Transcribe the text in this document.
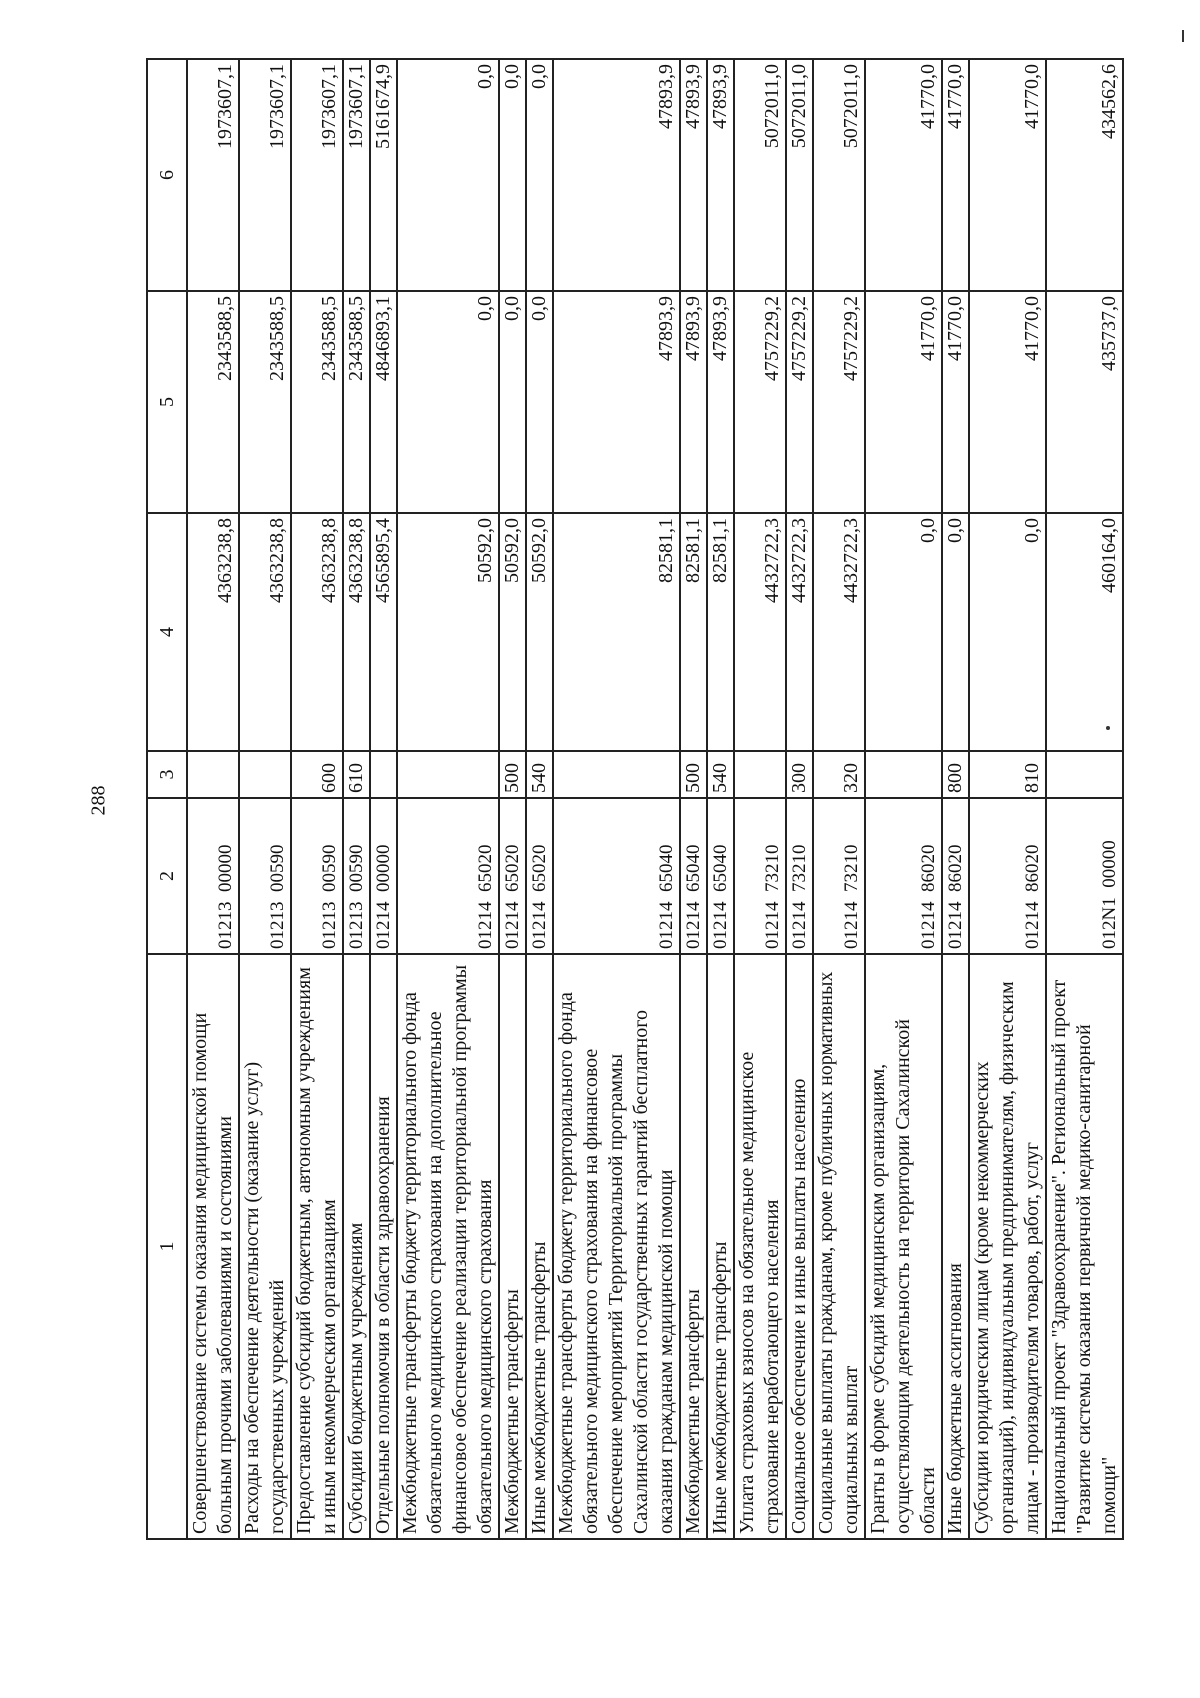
288
1	2	3	4	5	6
Совершенствование системы оказания медицинской помощи больным прочими заболеваниями и состояниями	01213  00000		4363238,8	2343588,5	1973607,1
Расходы на обеспечение деятельности (оказание услуг) государственных учреждений	01213  00590		4363238,8	2343588,5	1973607,1
Предоставление субсидий бюджетным, автономным учреждениям и иным некоммерческим организациям	01213  00590	600	4363238,8	2343588,5	1973607,1
Субсидии бюджетным учреждениям	01213  00590	610	4363238,8	2343588,5	1973607,1
Отдельные полномочия в области здравоохранения	01214  00000		4565895,4	4846893,1	5161674,9
Межбюджетные трансферты бюджету территориального фонда обязательного медицинского страхования на дополнительное финансовое обеспечение реализации территориальной программы обязательного медицинского страхования	01214  65020		50592,0	0,0	0,0
Межбюджетные трансферты	01214  65020	500	50592,0	0,0	0,0
Иные межбюджетные трансферты	01214  65020	540	50592,0	0,0	0,0
Межбюджетные трансферты бюджету территориального фонда обязательного медицинского страхования на финансовое обеспечение мероприятий Территориальной программы Сахалинской области государственных гарантий бесплатного оказания гражданам медицинской помощи	01214  65040		82581,1	47893,9	47893,9
Межбюджетные трансферты	01214  65040	500	82581,1	47893,9	47893,9
Иные межбюджетные трансферты	01214  65040	540	82581,1	47893,9	47893,9
Уплата страховых взносов на обязательное медицинское страхование неработающего населения	01214  73210		4432722,3	4757229,2	5072011,0
Социальное обеспечение и иные выплаты населению	01214  73210	300	4432722,3	4757229,2	5072011,0
Социальные выплаты гражданам, кроме публичных нормативных социальных выплат	01214  73210	320	4432722,3	4757229,2	5072011,0
Гранты в форме субсидий медицинским организациям, осуществляющим деятельность на территории Сахалинской области	01214  86020		0,0	41770,0	41770,0
Иные бюджетные ассигнования	01214  86020	800	0,0	41770,0	41770,0
Субсидии юридическим лицам (кроме некоммерческих организаций), индивидуальным предпринимателям, физическим лицам - производителям товаров, работ, услуг	01214  86020	810	0,0	41770,0	41770,0
Национальный проект "Здравоохранение". Региональный проект "Развитие системы оказания первичной медико-санитарной помощи"	012N1  00000		460164,0	435737,0	434562,6
